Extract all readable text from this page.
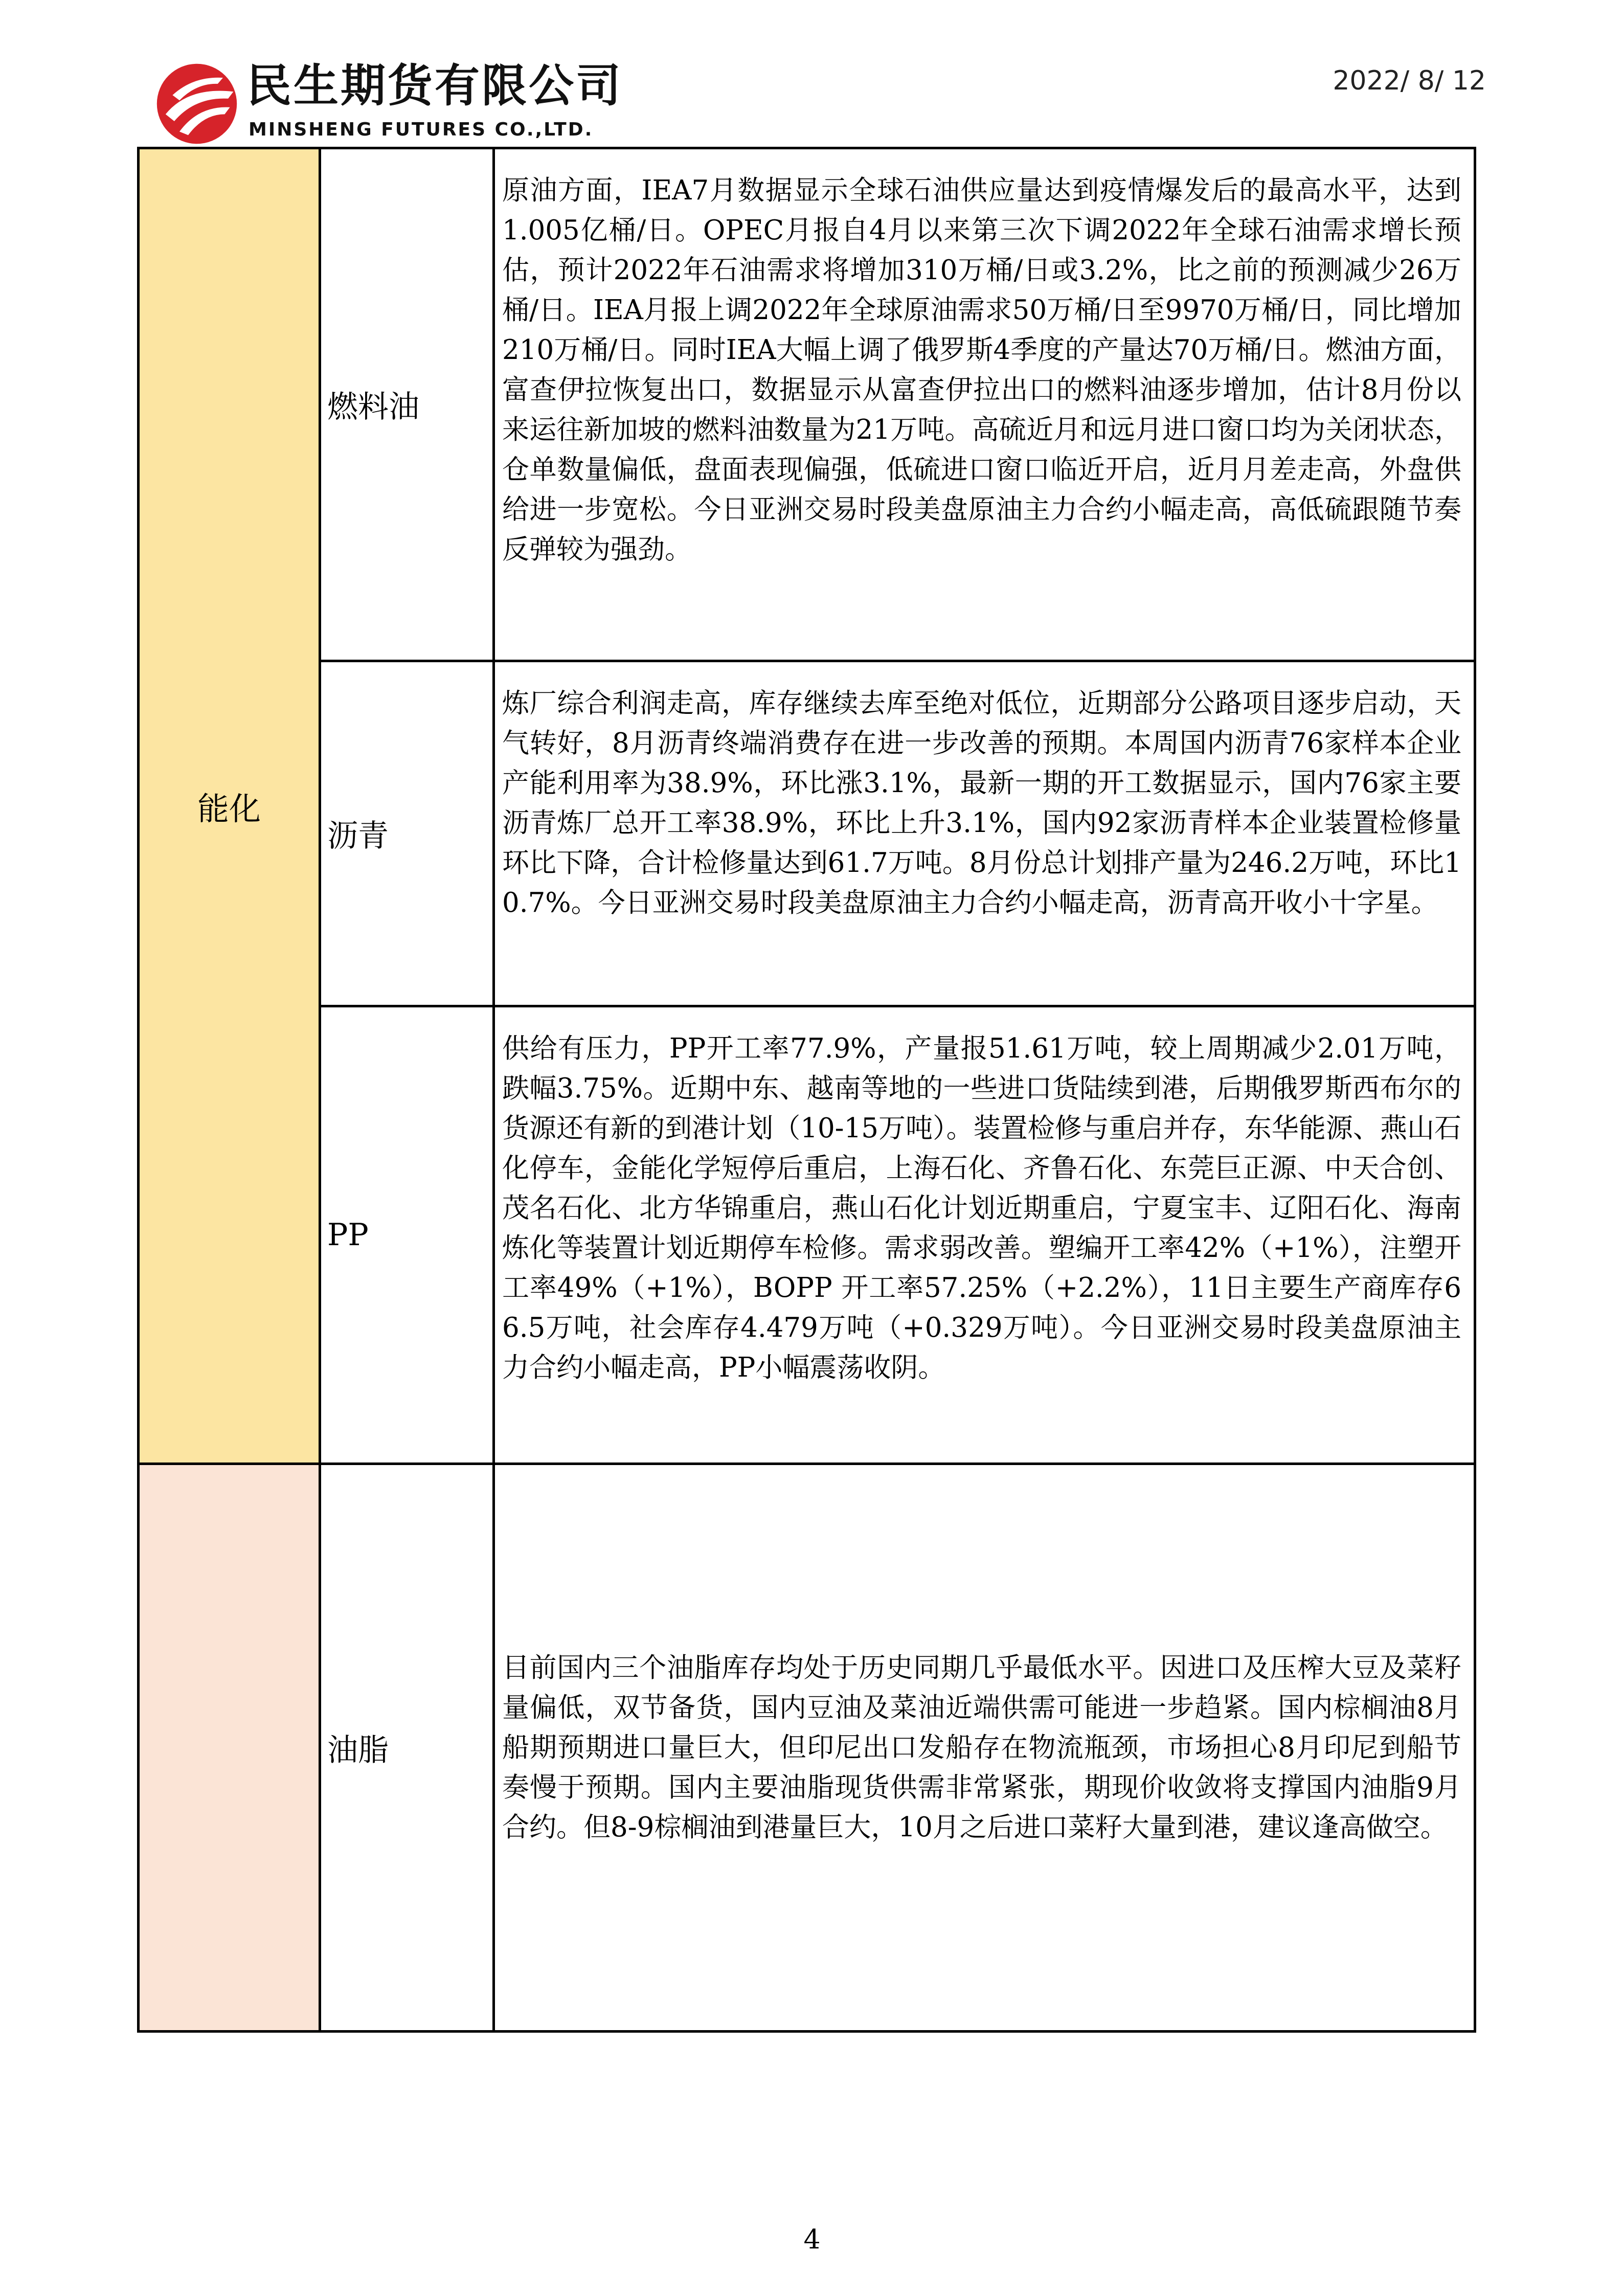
民生期货有限公司
MINSHENG FUTURES CO.,LTD.
2022/ 8/ 12
能化	燃料油	原油方面，IEA7月数据显示全球石油供应量达到疫情爆发后的最高水平，达到1.005亿桶/日。OPEC月报自4月以来第三次下调2022年全球石油需求增长预估，预计2022年石油需求将增加310万桶/日或3.2%，比之前的预测减少26万桶/日。IEA月报上调2022年全球原油需求50万桶/日至9970万桶/日，同比增加210万桶/日。同时IEA大幅上调了俄罗斯4季度的产量达70万桶/日。燃油方面，富查伊拉恢复出口，数据显示从富查伊拉出口的燃料油逐步增加，估计8月份以来运往新加坡的燃料油数量为21万吨。高硫近月和远月进口窗口均为关闭状态，仓单数量偏低，盘面表现偏强，低硫进口窗口临近开启，近月月差走高，外盘供给进一步宽松。今日亚洲交易时段美盘原油主力合约小幅走高，高低硫跟随节奏反弹较为强劲。
	沥青	炼厂综合利润走高，库存继续去库至绝对低位，近期部分公路项目逐步启动，天气转好，8月沥青终端消费存在进一步改善的预期。本周国内沥青76家样本企业产能利用率为38.9%，环比涨3.1%，最新一期的开工数据显示，国内76家主要沥青炼厂总开工率38.9%，环比上升3.1%，国内92家沥青样本企业装置检修量环比下降，合计检修量达到61.7万吨。8月份总计划排产量为246.2万吨，环比10.7%。今日亚洲交易时段美盘原油主力合约小幅走高，沥青高开收小十字星。
	PP	供给有压力，PP开工率77.9%，产量报51.61万吨，较上周期减少2.01万吨，跌幅3.75%。近期中东、越南等地的一些进口货陆续到港，后期俄罗斯西布尔的货源还有新的到港计划（10-15万吨）。装置检修与重启并存，东华能源、燕山石化停车，金能化学短停后重启，上海石化、齐鲁石化、东莞巨正源、中天合创、茂名石化、北方华锦重启，燕山石化计划近期重启，宁夏宝丰、辽阳石化、海南炼化等装置计划近期停车检修。需求弱改善。塑编开工率42%（+1%），注塑开工率49%（+1%），BOPP 开工率57.25%（+2.2%），11日主要生产商库存66.5万吨，社会库存4.479万吨（+0.329万吨）。今日亚洲交易时段美盘原油主力合约小幅走高，PP小幅震荡收阴。
	油脂	目前国内三个油脂库存均处于历史同期几乎最低水平。因进口及压榨大豆及菜籽量偏低，双节备货，国内豆油及菜油近端供需可能进一步趋紧。国内棕榈油8月船期预期进口量巨大，但印尼出口发船存在物流瓶颈，市场担心8月印尼到船节奏慢于预期。国内主要油脂现货供需非常紧张，期现价收敛将支撑国内油脂9月合约。但8-9棕榈油到港量巨大，10月之后进口菜籽大量到港，建议逢高做空。
4
